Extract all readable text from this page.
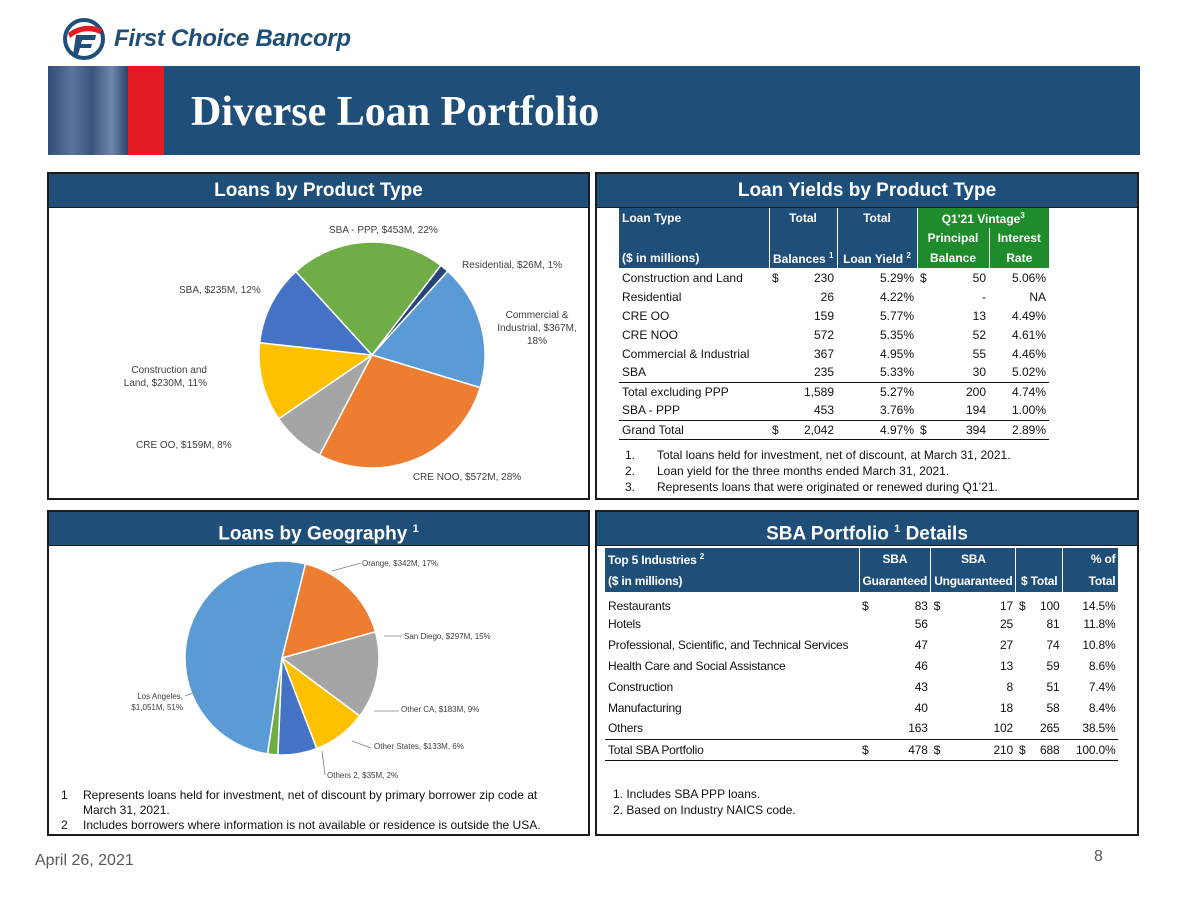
First Choice Bancorp
Diverse Loan Portfolio
Loans by Product Type
Residential, $26M, 1%
Commercial &
Industrial, $367M,
18%
CRE NOO, $572M, 28%
CRE OO, $159M, 8%
Construction and
Land, $230M, 11%
SBA, $235M, 12%
SBA - PPP, $453M, 22%
Loan Yields by Product Type
Loan Type	Total		Total	Q1'21 Vintage$^3$
				Principal		Interest
($ in millions)	Balances $^1$		Loan Yield $^2$	Balance		Rate
Construction and Land	$	230	5.29%	$	50	5.06%
Residential		26	4.22%		-	NA
CRE OO		159	5.77%		13	4.49%
CRE NOO		572	5.35%		52	4.61%
Commercial & Industrial		367	4.95%		55	4.46%
SBA		235	5.33%		30	5.02%
Total excluding PPP		1,589	5.27%		200	4.74%
SBA - PPP		453	3.76%		194	1.00%
Grand Total	$	2,042	4.97%	$	394	2.89%
1. Total loans held for investment, net of discount, at March 31, 2021.
2. Loan yield for the three months ended March 31, 2021.
3. Represents loans that were originated or renewed during Q1’21.
Loans by Geography $^1$
Orange, $342M, 17%
San Diego, $297M, 15%
Other CA, $183M, 9%
Other States, $133M, 6%
Others 2, $35M, 2%
Los Angeles,
$1,051M, 51%
1 Represents loans held for investment, net of discount by primary borrower zip code at
March 31, 2021.
2 Includes borrowers where information is not available or residence is outside the USA.
SBA Portfolio $^1$ Details
Top 5 Industries $^2$	SBA		SBA				% of
($ in millions)	Guaranteed		Unguaranteed		$ Total		Total
Restaurants	$	83	$	17	$	100	14.5%
Hotels		56		25		81	11.8%
Professional, Scientific, and Technical Services		47		27		74	10.8%
Health Care and Social Assistance		46		13		59	8.6%
Construction		43		8		51	7.4%
Manufacturing		40		18		58	8.4%
Others		163		102		265	38.5%
Total SBA Portfolio	$	478	$	210	$	688	100.0%
1. Includes SBA PPP loans.
2. Based on Industry NAICS code.
April 26, 2021	8
